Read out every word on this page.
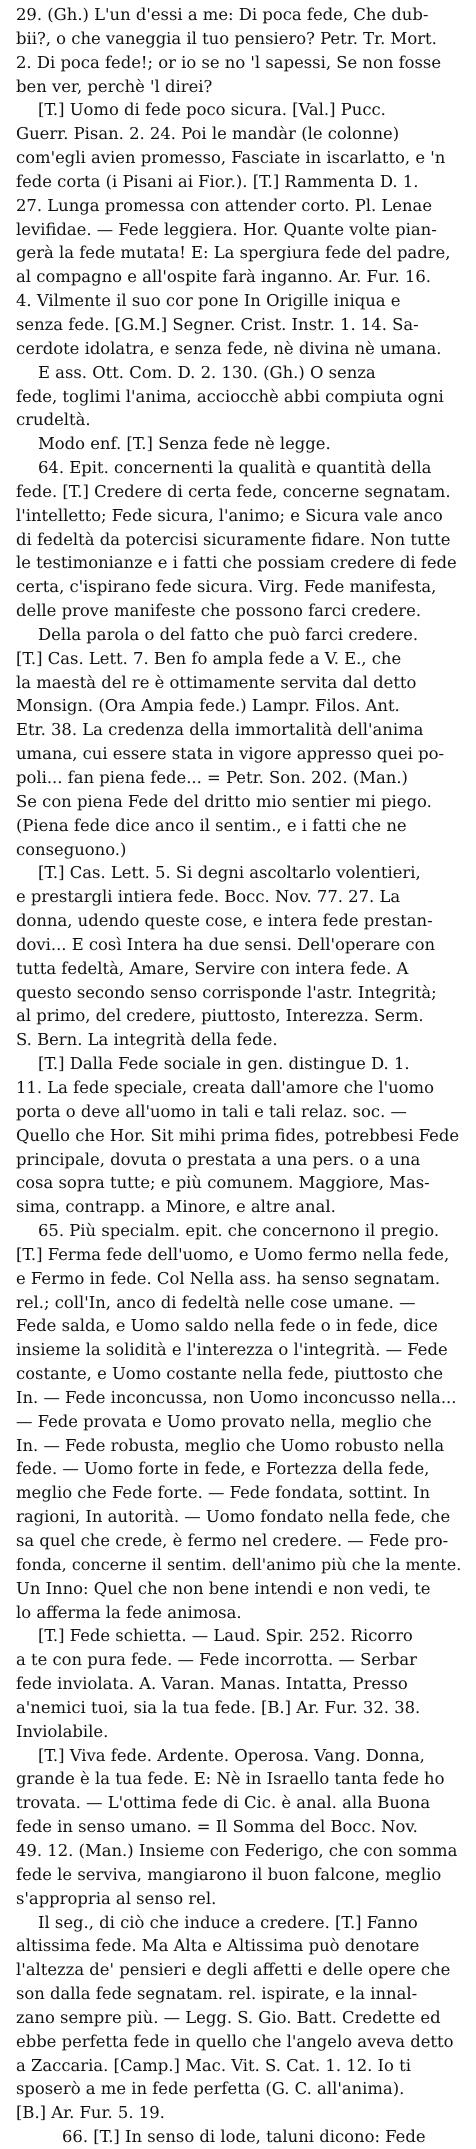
29. (Gh.) L'un d'essi a me: Di poca fede, Che dub-
bii?, o che vaneggia il tuo pensiero? Petr. Tr. Mort.
2. Di poca fede!; or io se no 'l sapessi, Se non fosse
ben ver, perchè 'l direi?
[T.] Uomo di fede poco sicura. [Val.] Pucc.
Guerr. Pisan. 2. 24. Poi le mandàr (le colonne)
com'egli avien promesso, Fasciate in iscarlatto, e 'n
fede corta (i Pisani ai Fior.). [T.] Rammenta D. 1.
27. Lunga promessa con attender corto. Pl. Lenae
levifidae. — Fede leggiera. Hor. Quante volte pian-
gerà la fede mutata! E: La spergiura fede del padre,
al compagno e all'ospite farà inganno. Ar. Fur. 16.
4. Vilmente il suo cor pone In Origille iniqua e
senza fede. [G.M.] Segner. Crist. Instr. 1. 14. Sa-
cerdote idolatra, e senza fede, nè divina nè umana.
E ass. Ott. Com. D. 2. 130. (Gh.) O senza
fede, toglimi l'anima, acciocchè abbi compiuta ogni
crudeltà.
Modo enf. [T.] Senza fede nè legge.
64. Epit. concernenti la qualità e quantità della
fede. [T.] Credere di certa fede, concerne segnatam.
l'intelletto; Fede sicura, l'animo; e Sicura vale anco
di fedeltà da potercisi sicuramente fidare. Non tutte
le testimonianze e i fatti che possiam credere di fede
certa, c'ispirano fede sicura. Virg. Fede manifesta,
delle prove manifeste che possono farci credere.
Della parola o del fatto che può farci credere.
[T.] Cas. Lett. 7. Ben fo ampla fede a V. E., che
la maestà del re è ottimamente servita dal detto
Monsign. (Ora Ampia fede.) Lampr. Filos. Ant.
Etr. 38. La credenza della immortalità dell'anima
umana, cui essere stata in vigore appresso quei po-
poli... fan piena fede... = Petr. Son. 202. (Man.)
Se con piena Fede del dritto mio sentier mi piego.
(Piena fede dice anco il sentim., e i fatti che ne
conseguono.)
[T.] Cas. Lett. 5. Si degni ascoltarlo volentieri,
e prestargli intiera fede. Bocc. Nov. 77. 27. La
donna, udendo queste cose, e intera fede prestan-
dovi... E così Intera ha due sensi. Dell'operare con
tutta fedeltà, Amare, Servire con intera fede. A
questo secondo senso corrisponde l'astr. Integrità;
al primo, del credere, piuttosto, Interezza. Serm.
S. Bern. La integrità della fede.
[T.] Dalla Fede sociale in gen. distingue D. 1.
11. La fede speciale, creata dall'amore che l'uomo
porta o deve all'uomo in tali e tali relaz. soc. —
Quello che Hor. Sit mihi prima fides, potrebbesi Fede
principale, dovuta o prestata a una pers. o a una
cosa sopra tutte; e più comunem. Maggiore, Mas-
sima, contrapp. a Minore, e altre anal.
65. Più specialm. epit. che concernono il pregio.
[T.] Ferma fede dell'uomo, e Uomo fermo nella fede,
e Fermo in fede. Col Nella ass. ha senso segnatam.
rel.; coll'In, anco di fedeltà nelle cose umane. —
Fede salda, e Uomo saldo nella fede o in fede, dice
insieme la solidità e l'interezza o l'integrità. — Fede
costante, e Uomo costante nella fede, piuttosto che
In. — Fede inconcussa, non Uomo inconcusso nella...
— Fede provata e Uomo provato nella, meglio che
In. — Fede robusta, meglio che Uomo robusto nella
fede. — Uomo forte in fede, e Fortezza della fede,
meglio che Fede forte. — Fede fondata, sottint. In
ragioni, In autorità. — Uomo fondato nella fede, che
sa quel che crede, è fermo nel credere. — Fede pro-
fonda, concerne il sentim. dell'animo più che la mente.
Un Inno: Quel che non bene intendi e non vedi, te
lo afferma la fede animosa.
[T.] Fede schietta. — Laud. Spir. 252. Ricorro
a te con pura fede. — Fede incorrotta. — Serbar
fede inviolata. A. Varan. Manas. Intatta, Presso
a'nemici tuoi, sia la tua fede. [B.] Ar. Fur. 32. 38.
Inviolabile.
[T.] Viva fede. Ardente. Operosa. Vang. Donna,
grande è la tua fede. E: Nè in Israello tanta fede ho
trovata. — L'ottima fede di Cic. è anal. alla Buona
fede in senso umano. = Il Somma del Bocc. Nov.
49. 12. (Man.) Insieme con Federigo, che con somma
fede le serviva, mangiarono il buon falcone, meglio
s'appropria al senso rel.
Il seg., di ciò che induce a credere. [T.] Fanno
altissima fede. Ma Alta e Altissima può denotare
l'altezza de' pensieri e degli affetti e delle opere che
son dalla fede segnatam. rel. ispirate, e la innal-
zano sempre più. — Legg. S. Gio. Batt. Credette ed
ebbe perfetta fede in quello che l'angelo aveva detto
a Zaccaria. [Camp.] Mac. Vit. S. Cat. 1. 12. Io ti
sposerò a me in fede perfetta (G. C. all'anima).
[B.] Ar. Fur. 5. 19.
66. [T.] In senso di lode, taluni dicono: Fede
